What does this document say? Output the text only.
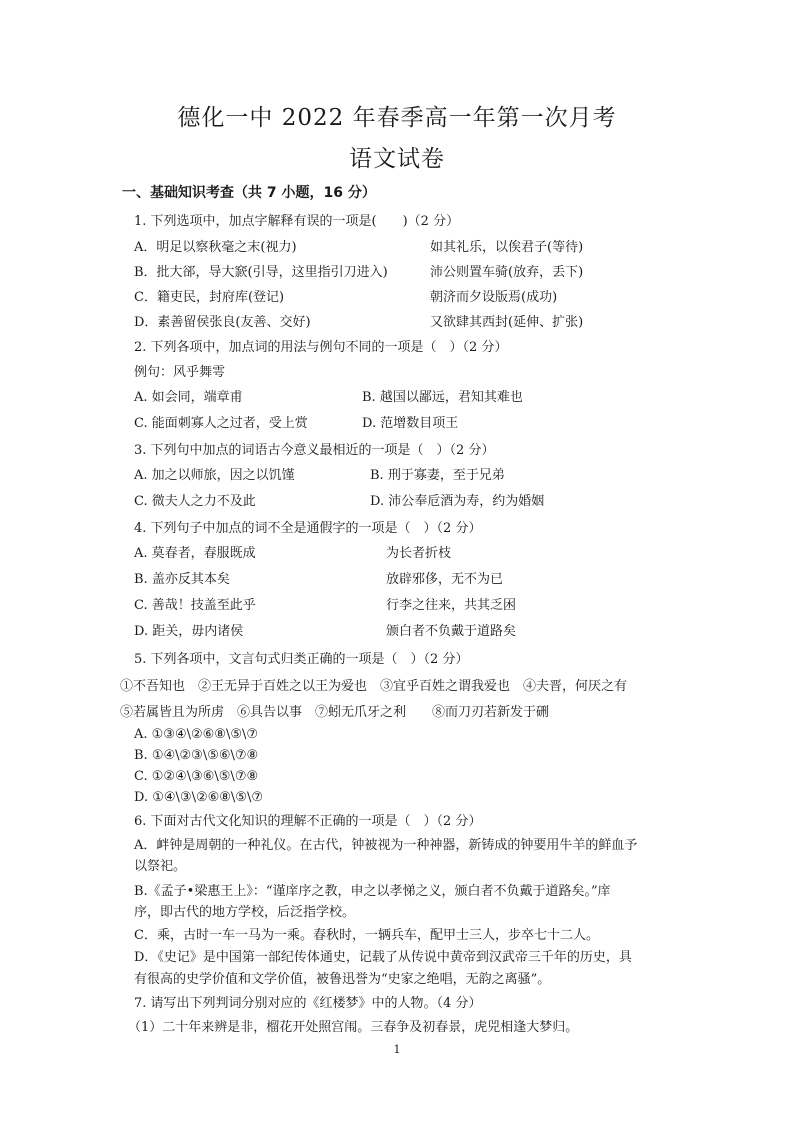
德化一中 2022 年春季高一年第一次月考
语文试卷
一、基础知识考查（共 7 小题，16 分）
1. 下列选项中，加点字解释有误的一项是(　　)（2 分）
A．明足以察秋毫之末(视力)	如其礼乐，以俟君子(等待)
B．批大郤，导大窾(引导，这里指引刀进入)	沛公则置车骑(放弃，丢下)
C．籍吏民，封府库(登记)	朝济而夕设版焉(成功)
D．素善留侯张良(友善、交好)	又欲肆其西封(延伸、扩张)
2. 下列各项中，加点词的用法与例句不同的一项是（　）（2 分）
例句：风乎舞雩
A. 如会同，端章甫	B. 越国以鄙远，君知其难也
C. 能面刺寡人之过者，受上赏	D. 范增数目项王
3. 下列句中加点的词语古今意义最相近的一项是（　）（2 分）
A. 加之以师旅，因之以饥馑	B. 刑于寡妻，至于兄弟
C. 微夫人之力不及此	D. 沛公奉卮酒为寿，约为婚姻
4. 下列句子中加点的词不全是通假字的一项是（　）（2 分）
A. 莫春者，春服既成	为长者折枝
B. 盖亦反其本矣	放辟邪侈，无不为已
C. 善哉！技盖至此乎	行李之往来，共其乏困
D. 距关，毋内诸侯	颁白者不负戴于道路矣
5. 下列各项中，文言句式归类正确的一项是（　）（2 分）
①不吾知也　②王无异于百姓之以王为爱也　③宜乎百姓之谓我爱也　④夫晋，何厌之有
⑤若属皆且为所虏　⑥具告以事　⑦蚓无爪牙之利　　⑧而刀刃若新发于硎
A. ①③④\②⑥⑧\⑤\⑦
B. ①④\②③\⑤⑥\⑦⑧
C. ①②④\③⑥\⑤\⑦⑧
D. ①④\③\②⑥⑧\⑤\⑦
6. 下面对古代文化知识的理解不正确的一项是（　）（2 分）
A．衅钟是周朝的一种礼仪。在古代，钟被视为一种神器，新铸成的钟要用牛羊的鲜血予
以祭祀。
B.《孟子•梁惠王上》：“谨庠序之教，申之以孝悌之义，颁白者不负戴于道路矣。”庠
序，即古代的地方学校，后泛指学校。
C．乘，古时一车一马为一乘。春秋时，一辆兵车，配甲士三人，步卒七十二人。
D．《史记》是中国第一部纪传体通史，记载了从传说中黄帝到汉武帝三千年的历史，具
有很高的史学价值和文学价值，被鲁迅誉为“史家之绝唱，无韵之离骚”。
7. 请写出下列判词分别对应的《红楼梦》中的人物。（4 分）
（1）二十年来辨是非，榴花开处照宫闱。三春争及初春景，虎兕相逢大梦归。
1
